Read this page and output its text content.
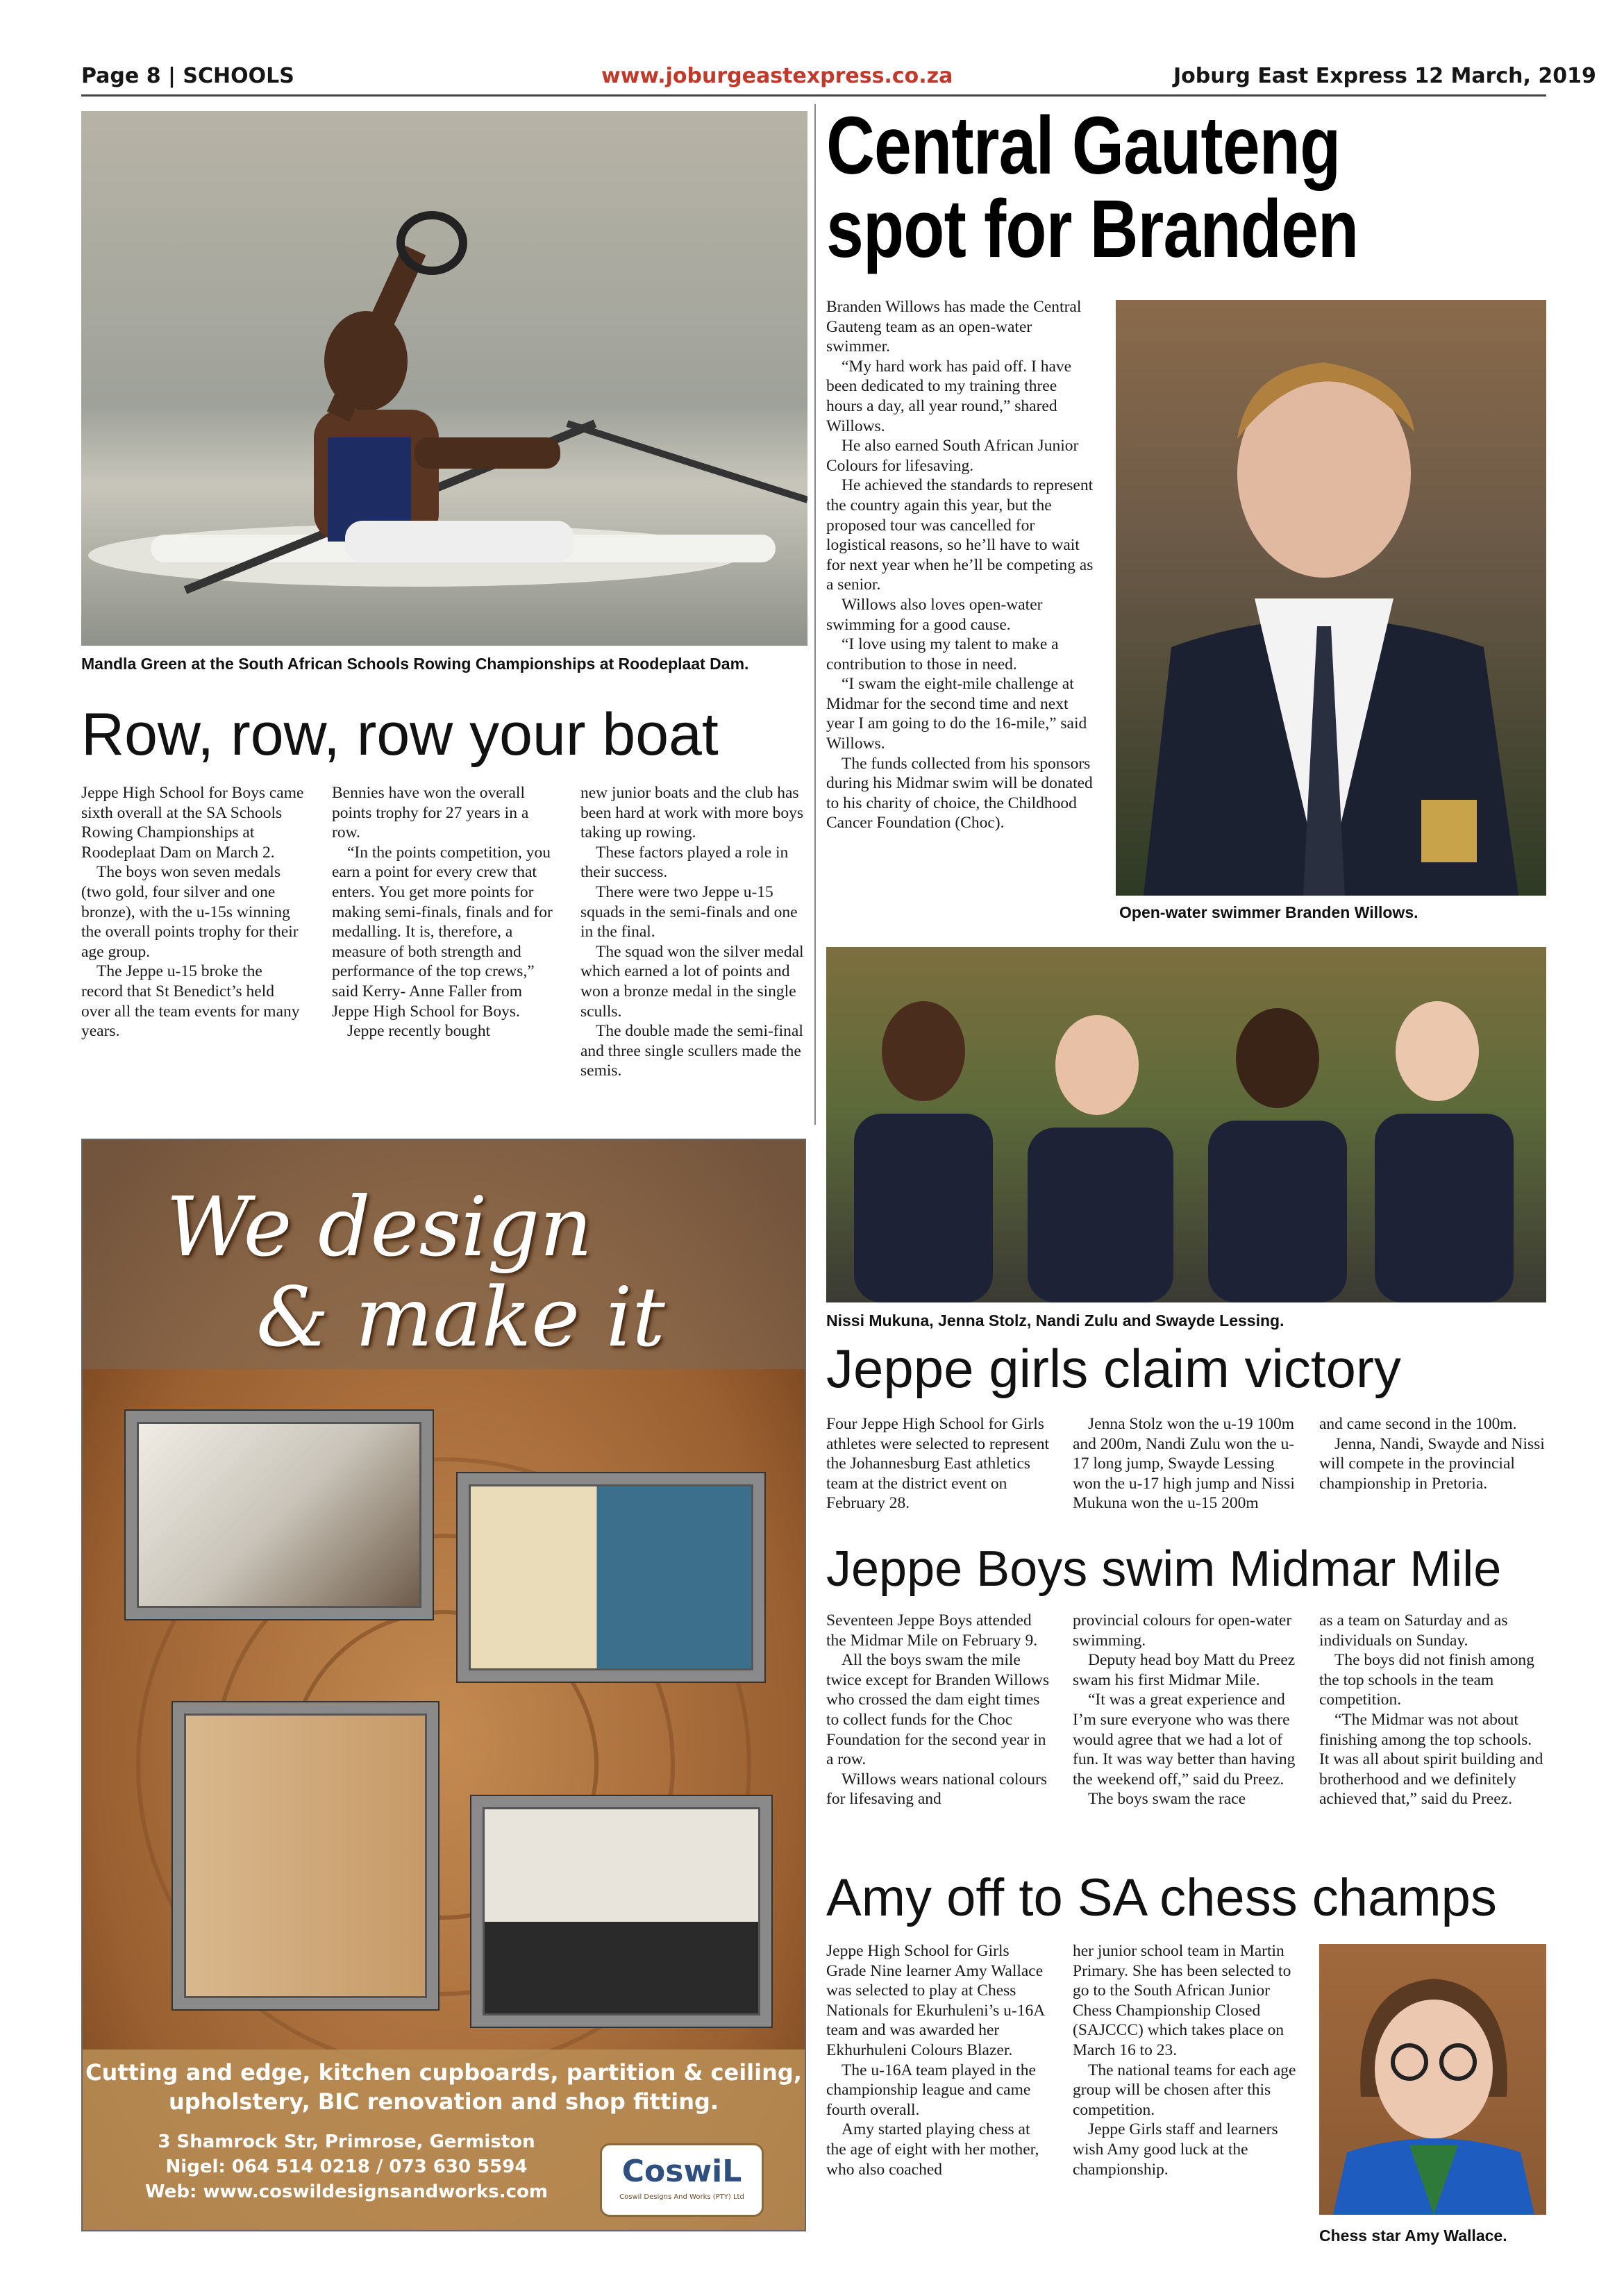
Page 8 | SCHOOLS	www.joburgeastexpress.co.za	Joburg East Express 12 March, 2019
Mandla Green at the South African Schools Rowing Championships at Roodeplaat Dam.
Row, row, row your boat

Jeppe High School for Boys came sixth overall at the SA Schools Rowing Championships at Roodeplaat Dam on March 2.

The boys won seven medals (two gold, four silver and one bronze), with the u-15s winning the overall points trophy for their age group.

The Jeppe u-15 broke the record that St Benedict’s held over all the team events for many years.

Bennies have won the overall points trophy for 27 years in a row.

“In the points competition, you earn a point for every crew that enters. You get more points for making semi-finals, finals and for medalling. It is, therefore, a measure of both strength and performance of the top crews,” said Kerry- Anne Faller from Jeppe High School for Boys.

Jeppe recently bought

new junior boats and the club has been hard at work with more boys taking up rowing.

These factors played a role in their success.

There were two Jeppe u-15 squads in the semi-finals and one in the final.

The squad won the silver medal which earned a lot of points and won a bronze medal in the single sculls.

The double made the semi-final and three single scullers made the semis.

Central Gauteng
spot for Branden

Branden Willows has made the Central Gauteng team as an open-water swimmer.

“My hard work has paid off. I have been dedicated to my training three hours a day, all year round,” shared Willows.

He also earned South African Junior Colours for lifesaving.

He achieved the standards to represent the country again this year, but the proposed tour was cancelled for logistical reasons, so he’ll have to wait for next year when he’ll be competing as a senior.

Willows also loves open-water swimming for a good cause.

“I love using my talent to make a contribution to those in need.

“I swam the eight-mile challenge at Midmar for the second time and next year I am going to do the 16-mile,” said Willows.

The funds collected from his sponsors during his Midmar swim will be donated to his charity of choice, the Childhood Cancer Foundation (Choc).

Open-water swimmer Branden Willows.
Nissi Mukuna, Jenna Stolz, Nandi Zulu and Swayde Lessing.
Jeppe girls claim victory

Four Jeppe High School for Girls athletes were selected to represent the Johannesburg East athletics team at the district event on February 28.

Jenna Stolz won the u-19 100m and 200m, Nandi Zulu won the u-17 long jump, Swayde Lessing won the u-17 high jump and Nissi Mukuna won the u-15 200m

and came second in the 100m.

Jenna, Nandi, Swayde and Nissi will compete in the provincial championship in Pretoria.

Jeppe Boys swim Midmar Mile

Seventeen Jeppe Boys attended the Midmar Mile on February 9.

All the boys swam the mile twice except for Branden Willows who crossed the dam eight times to collect funds for the Choc Foundation for the second year in a row.

Willows wears national colours for lifesaving and

provincial colours for open-water swimming.

Deputy head boy Matt du Preez swam his first Midmar Mile.

“It was a great experience and I’m sure everyone who was there would agree that we had a lot of fun. It was way better than having the weekend off,” said du Preez.

The boys swam the race

as a team on Saturday and as individuals on Sunday.

The boys did not finish among the top schools in the team competition.

“The Midmar was not about finishing among the top schools. It was all about spirit building and brotherhood and we definitely achieved that,” said du Preez.

Amy off to SA chess champs

Jeppe High School for Girls Grade Nine learner Amy Wallace was selected to play at Chess Nationals for Ekurhuleni’s u-16A team and was awarded her Ekhurhuleni Colours Blazer.

The u-16A team played in the championship league and came fourth overall.

Amy started playing chess at the age of eight with her mother, who also coached

her junior school team in Martin Primary. She has been selected to go to the South African Junior Chess Championship Closed (SAJCCC) which takes place on March 16 to 23.

The national teams for each age group will be chosen after this competition.

Jeppe Girls staff and learners wish Amy good luck at the championship.

Chess star Amy Wallace.
We design
& make it
Cutting and edge, kitchen cupboards, partition & ceiling,
upholstery, BIC renovation and shop fitting.
3 Shamrock Str, Primrose, Germiston
Nigel: 064 514 0218 / 073 630 5594
Web: www.coswildesignsandworks.com
CoswiL
Coswil Designs And Works (PTY) Ltd
